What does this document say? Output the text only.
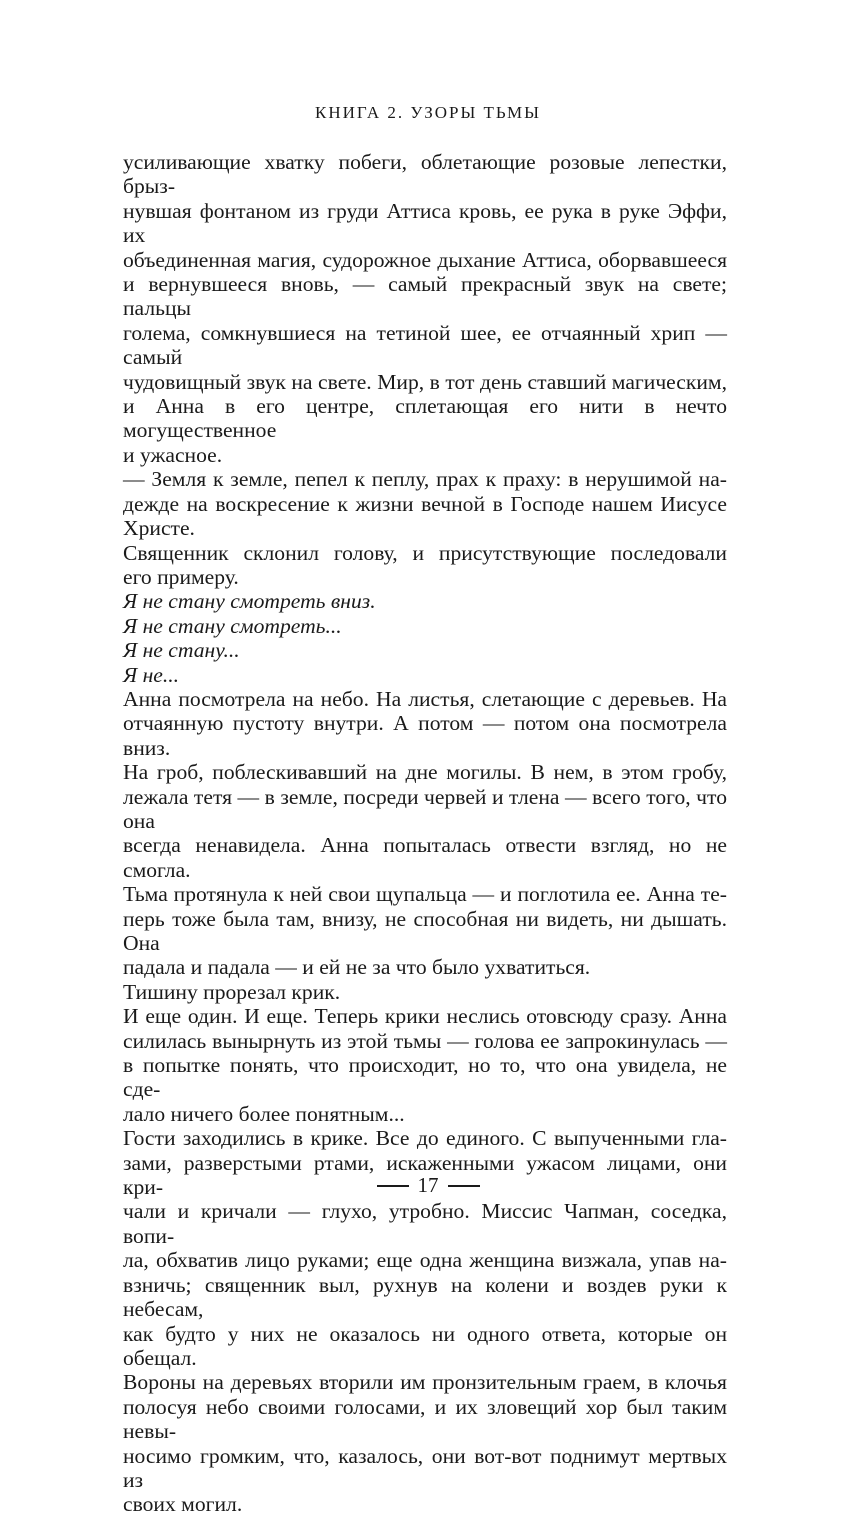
КНИГА 2. УЗОРЫ ТЬМЫ
усиливающие хватку побеги, облетающие розовые лепестки, брыз-
нувшая фонтаном из груди Аттиса кровь, ее рука в руке Эффи, их
объединенная магия, судорожное дыхание Аттиса, оборвавшееся
и вернувшееся вновь, — самый прекрасный звук на свете; пальцы
голема, сомкнувшиеся на тетиной шее, ее отчаянный хрип — самый
чудовищный звук на свете. Мир, в тот день ставший магическим,
и Анна в его центре, сплетающая его нити в нечто могущественное
и ужасное.
— Земля к земле, пепел к пеплу, прах к праху: в нерушимой на-
дежде на воскресение к жизни вечной в Господе нашем Иисусе
Христе.
Священник склонил голову, и присутствующие последовали
его примеру.
Я не стану смотреть вниз.
Я не стану смотреть...
Я не стану...
Я не...
Анна посмотрела на небо. На листья, слетающие с деревьев. На
отчаянную пустоту внутри. А потом — потом она посмотрела вниз.
На гроб, поблескивавший на дне могилы. В нем, в этом гробу,
лежала тетя — в земле, посреди червей и тлена — всего того, что она
всегда ненавидела. Анна попыталась отвести взгляд, но не смогла.
Тьма протянула к ней свои щупальца — и поглотила ее. Анна те-
перь тоже была там, внизу, не способная ни видеть, ни дышать. Она
падала и падала — и ей не за что было ухватиться.
Тишину прорезал крик.
И еще один. И еще. Теперь крики неслись отовсюду сразу. Анна
силилась вынырнуть из этой тьмы — голова ее запрокинулась —
в попытке понять, что происходит, но то, что она увидела, не сде-
лало ничего более понятным...
Гости заходились в крике. Все до единого. С выпученными гла-
зами, разверстыми ртами, искаженными ужасом лицами, они кри-
чали и кричали — глухо, утробно. Миссис Чапман, соседка, вопи-
ла, обхватив лицо руками; еще одна женщина визжала, упав на-
взничь; священник выл, рухнув на колени и воздев руки к небесам,
как будто у них не оказалось ни одного ответа, которые он обещал.
Вороны на деревьях вторили им пронзительным граем, в клочья
полосуя небо своими голосами, и их зловещий хор был таким невы-
носимо громким, что, казалось, они вот-вот поднимут мертвых из
своих могил.
17
